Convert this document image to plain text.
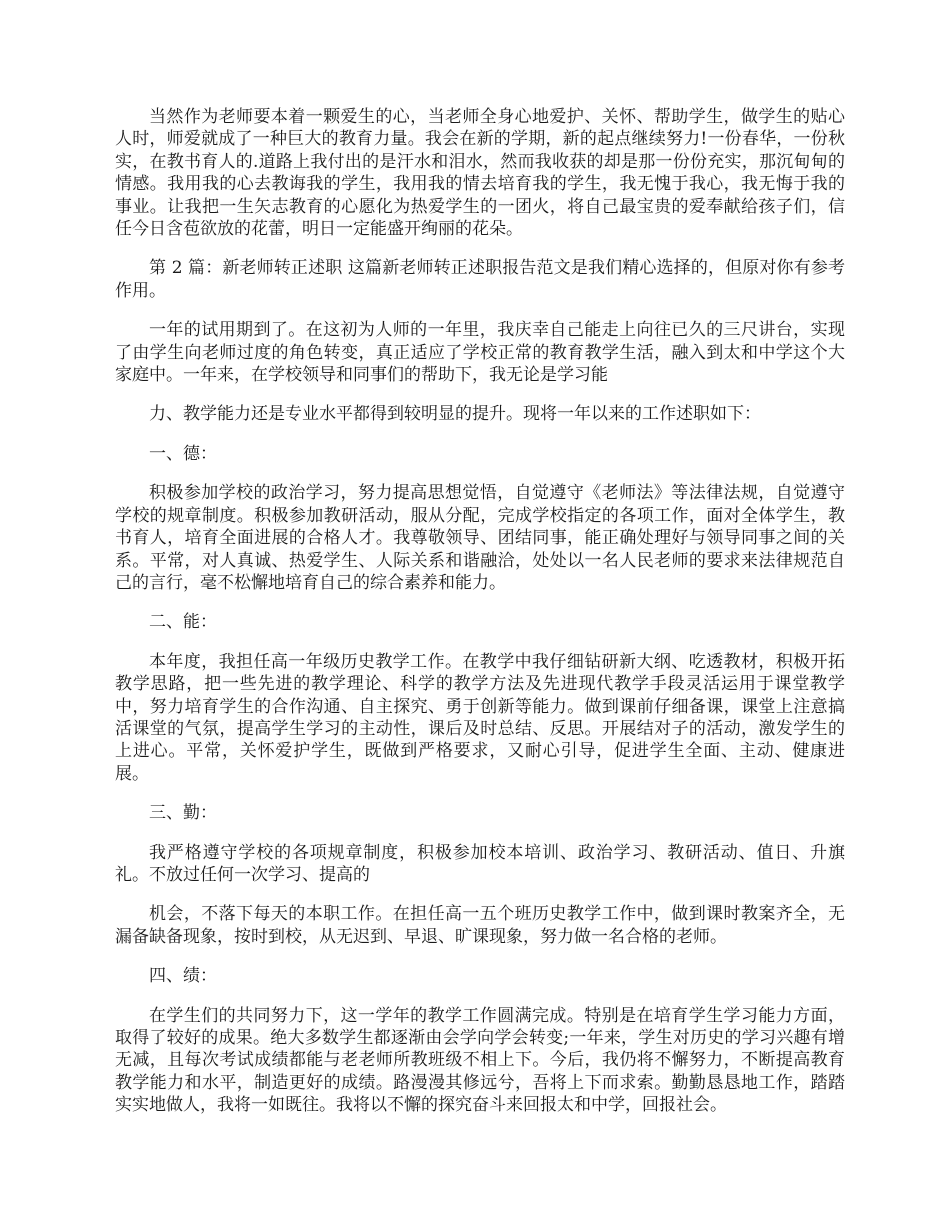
当然作为老师要本着一颗爱生的心，当老师全身心地爱护、关怀、帮助学生，做学生的贴心人时，师爱就成了一种巨大的教育力量。我会在新的学期，新的起点继续努力!一份春华，一份秋实，在教书育人的.道路上我付出的是汗水和泪水，然而我收获的却是那一份份充实，那沉甸甸的情感。我用我的心去教诲我的学生，我用我的情去培育我的学生，我无愧于我心，我无悔于我的事业。让我把一生矢志教育的心愿化为热爱学生的一团火，将自己最宝贵的爱奉献给孩子们，信任今日含苞欲放的花蕾，明日一定能盛开绚丽的花朵。

第 2 篇：新老师转正述职 这篇新老师转正述职报告范文是我们精心选择的，但原对你有参考作用。

一年的试用期到了。在这初为人师的一年里，我庆幸自己能走上向往已久的三尺讲台，实现了由学生向老师过度的角色转变，真正适应了学校正常的教育教学生活，融入到太和中学这个大家庭中。一年来，在学校领导和同事们的帮助下，我无论是学习能

力、教学能力还是专业水平都得到较明显的提升。现将一年以来的工作述职如下：

一、德：

积极参加学校的政治学习，努力提高思想觉悟，自觉遵守《老师法》等法律法规，自觉遵守学校的规章制度。积极参加教研活动，服从分配，完成学校指定的各项工作，面对全体学生，教书育人，培育全面进展的合格人才。我尊敬领导、团结同事，能正确处理好与领导同事之间的关系。平常，对人真诚、热爱学生、人际关系和谐融洽，处处以一名人民老师的要求来法律规范自己的言行，毫不松懈地培育自己的综合素养和能力。

二、能：

本年度，我担任高一年级历史教学工作。在教学中我仔细钻研新大纲、吃透教材，积极开拓教学思路，把一些先进的教学理论、科学的教学方法及先进现代教学手段灵活运用于课堂教学中，努力培育学生的合作沟通、自主探究、勇于创新等能力。做到课前仔细备课，课堂上注意搞活课堂的气氛，提高学生学习的主动性，课后及时总结、反思。开展结对子的活动，激发学生的上进心。平常，关怀爱护学生，既做到严格要求，又耐心引导，促进学生全面、主动、健康进展。

三、勤：

我严格遵守学校的各项规章制度，积极参加校本培训、政治学习、教研活动、值日、升旗礼。不放过任何一次学习、提高的

机会，不落下每天的本职工作。在担任高一五个班历史教学工作中，做到课时教案齐全，无漏备缺备现象，按时到校，从无迟到、早退、旷课现象，努力做一名合格的老师。

四、绩：

在学生们的共同努力下，这一学年的教学工作圆满完成。特别是在培育学生学习能力方面，取得了较好的成果。绝大多数学生都逐渐由会学向学会转变;一年来，学生对历史的学习兴趣有增无减，且每次考试成绩都能与老老师所教班级不相上下。今后，我仍将不懈努力，不断提高教育教学能力和水平，制造更好的成绩。路漫漫其修远兮，吾将上下而求索。勤勤恳恳地工作，踏踏实实地做人，我将一如既往。我将以不懈的探究奋斗来回报太和中学，回报社会。
